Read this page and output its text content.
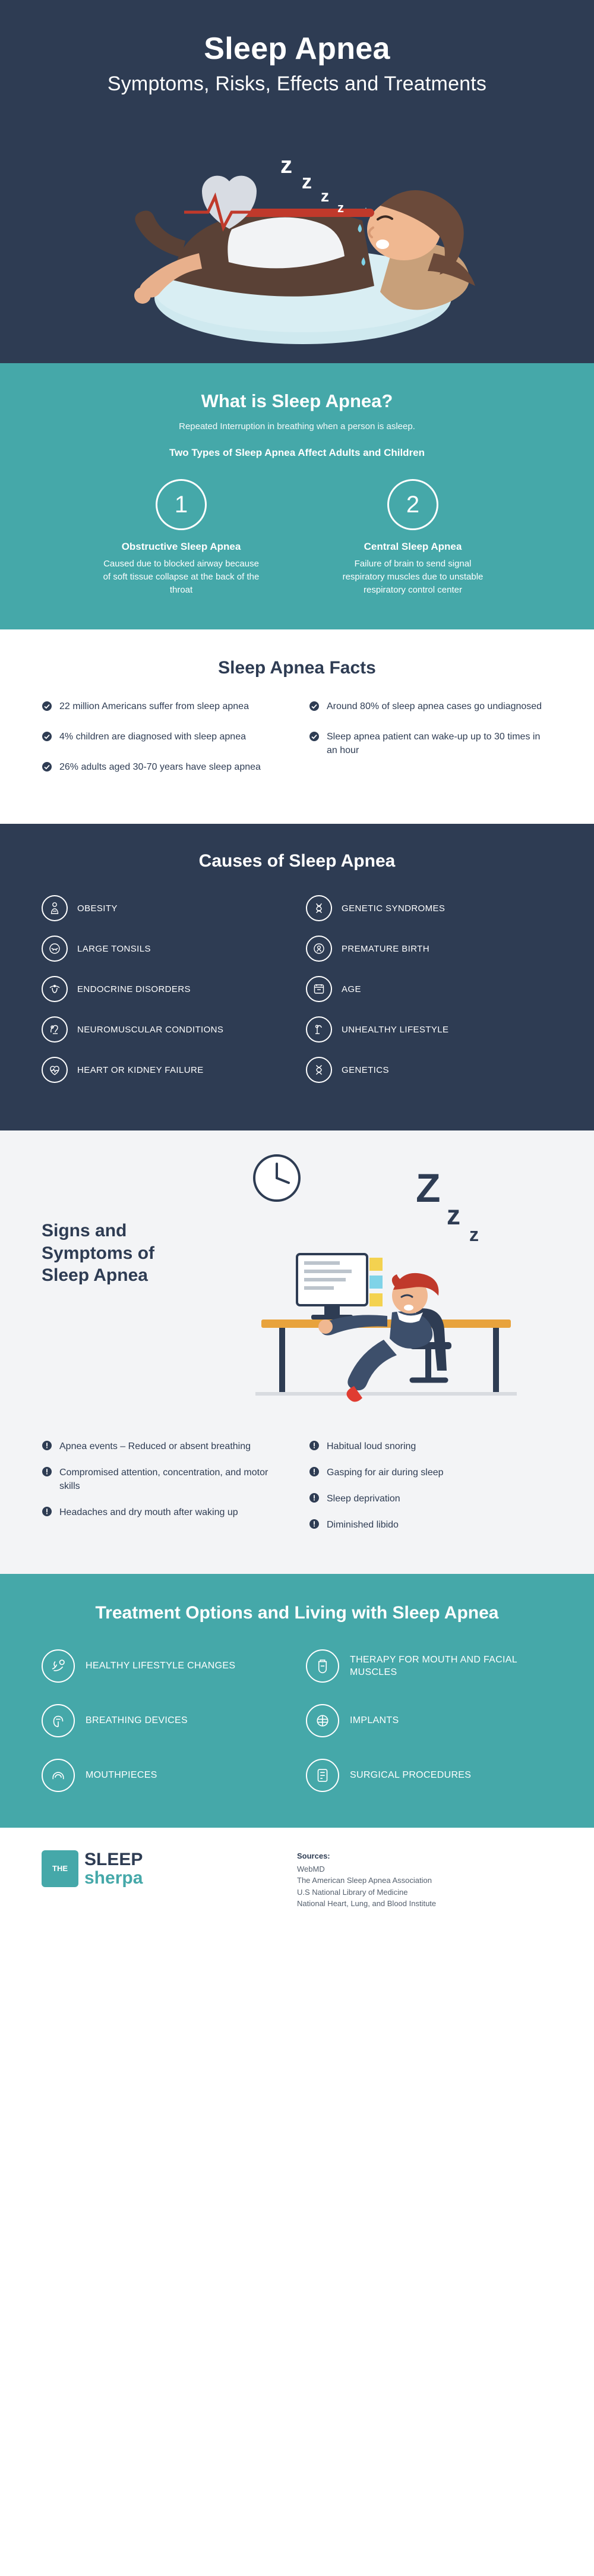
Sleep Apnea
Symptoms, Risks, Effects and Treatments
z
z
z
z
What is Sleep Apnea?
Repeated Interruption in breathing when a person is asleep.
Two Types of Sleep Apnea Affect Adults and Children
1
Obstructive Sleep Apnea

Caused due to blocked airway because of soft tissue collapse at the back of the throat

2
Central Sleep Apnea

Failure of brain to send signal respiratory muscles due to unstable respiratory control center

Sleep Apnea Facts
22 million Americans suffer from sleep apnea
4% children are diagnosed with sleep apnea
26% adults aged 30-70 years have sleep apnea
Around 80% of sleep apnea cases go undiagnosed
Sleep apnea patient can wake-up up to 30 times in an hour
Causes of Sleep Apnea
OBESITY
LARGE TONSILS
ENDOCRINE DISORDERS
NEUROMUSCULAR CONDITIONS
HEART OR KIDNEY FAILURE
GENETIC SYNDROMES
PREMATURE BIRTH
AGE
UNHEALTHY LIFESTYLE
GENETICS
Z
z
z
Signs and Symptoms of Sleep Apnea
Apnea events – Reduced or absent breathing
Compromised attention, concentration, and motor skills
Headaches and dry mouth after waking up
Habitual loud snoring
Gasping for air during sleep
Sleep deprivation
Diminished libido
Treatment Options and Living with Sleep Apnea
HEALTHY LIFESTYLE CHANGES
THERAPY FOR MOUTH AND FACIAL MUSCLES
BREATHING DEVICES	IMPLANTS
MOUTHPIECES	SURGICAL PROCEDURES
THE SLEEP
sherpa
Sources:
WebMD
The American Sleep Apnea Association
U.S National Library of Medicine
National Heart, Lung, and Blood Institute
